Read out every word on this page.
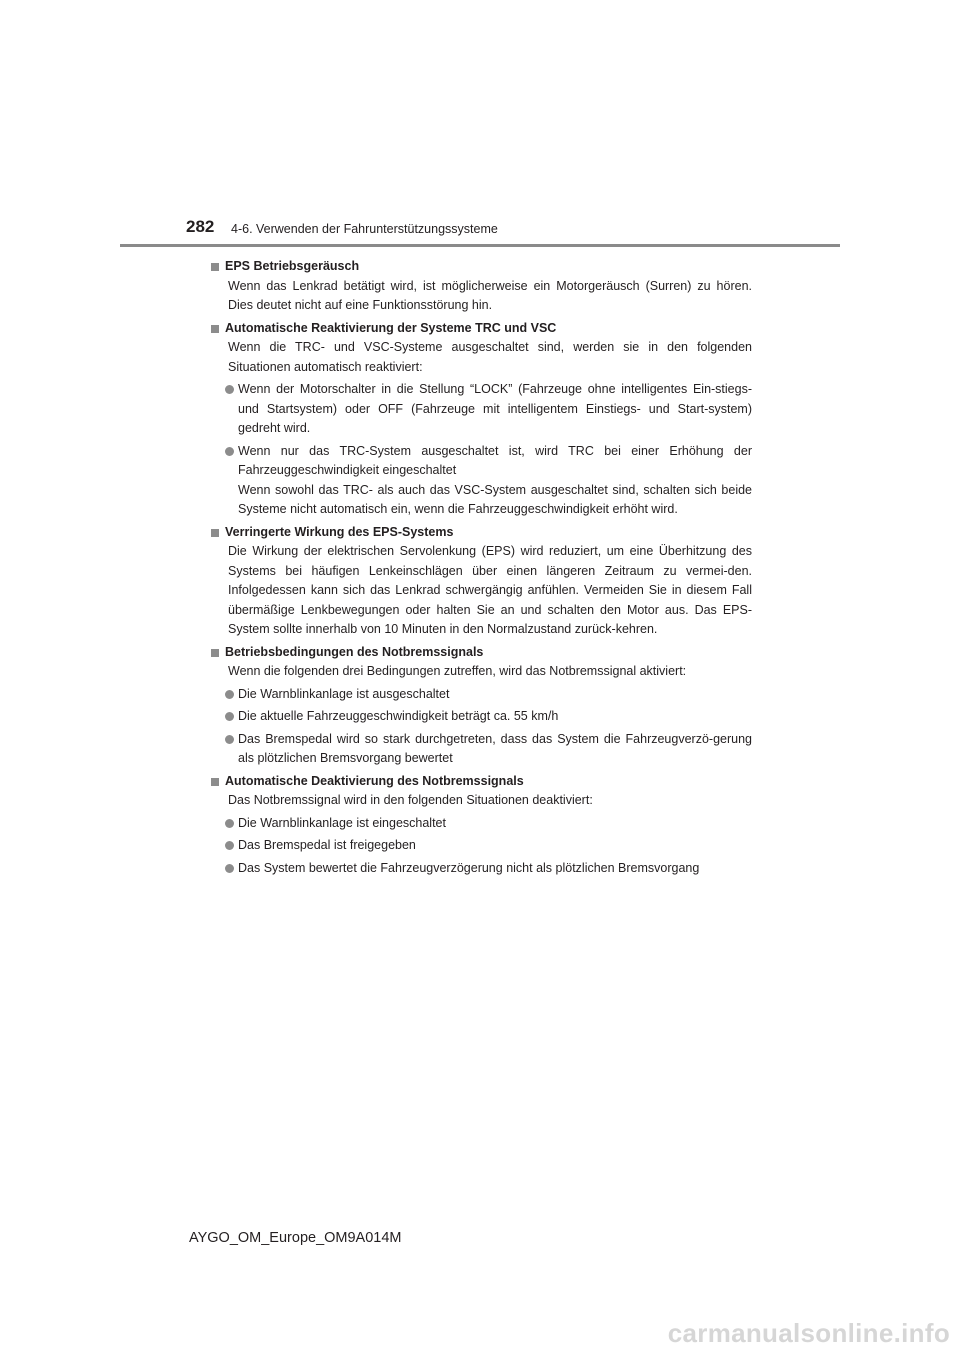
282 4-6. Verwenden der Fahrunterstützungssysteme
EPS Betriebsgeräusch
Wenn das Lenkrad betätigt wird, ist möglicherweise ein Motorgeräusch (Surren) zu hören. Dies deutet nicht auf eine Funktionsstörung hin.
Automatische Reaktivierung der Systeme TRC und VSC
Wenn die TRC- und VSC-Systeme ausgeschaltet sind, werden sie in den folgenden Situationen automatisch reaktiviert:
Wenn der Motorschalter in die Stellung “LOCK” (Fahrzeuge ohne intelligentes Ein-stiegs- und Startsystem) oder OFF (Fahrzeuge mit intelligentem Einstiegs- und Start-system) gedreht wird.
Wenn nur das TRC-System ausgeschaltet ist, wird TRC bei einer Erhöhung der Fahrzeuggeschwindigkeit eingeschaltet
Wenn sowohl das TRC- als auch das VSC-System ausgeschaltet sind, schalten sich beide Systeme nicht automatisch ein, wenn die Fahrzeuggeschwindigkeit erhöht wird.
Verringerte Wirkung des EPS-Systems
Die Wirkung der elektrischen Servolenkung (EPS) wird reduziert, um eine Überhitzung des Systems bei häufigen Lenkeinschlägen über einen längeren Zeitraum zu vermei-den. Infolgedessen kann sich das Lenkrad schwergängig anfühlen. Vermeiden Sie in diesem Fall übermäßige Lenkbewegungen oder halten Sie an und schalten den Motor aus. Das EPS-System sollte innerhalb von 10 Minuten in den Normalzustand zurück-kehren.
Betriebsbedingungen des Notbremssignals
Wenn die folgenden drei Bedingungen zutreffen, wird das Notbremssignal aktiviert:
Die Warnblinkanlage ist ausgeschaltet
Die aktuelle Fahrzeuggeschwindigkeit beträgt ca. 55 km/h
Das Bremspedal wird so stark durchgetreten, dass das System die Fahrzeugverzö-gerung als plötzlichen Bremsvorgang bewertet
Automatische Deaktivierung des Notbremssignals
Das Notbremssignal wird in den folgenden Situationen deaktiviert:
Die Warnblinkanlage ist eingeschaltet
Das Bremspedal ist freigegeben
Das System bewertet die Fahrzeugverzögerung nicht als plötzlichen Bremsvorgang
AYGO_OM_Europe_OM9A014M
carmanualsonline.info
